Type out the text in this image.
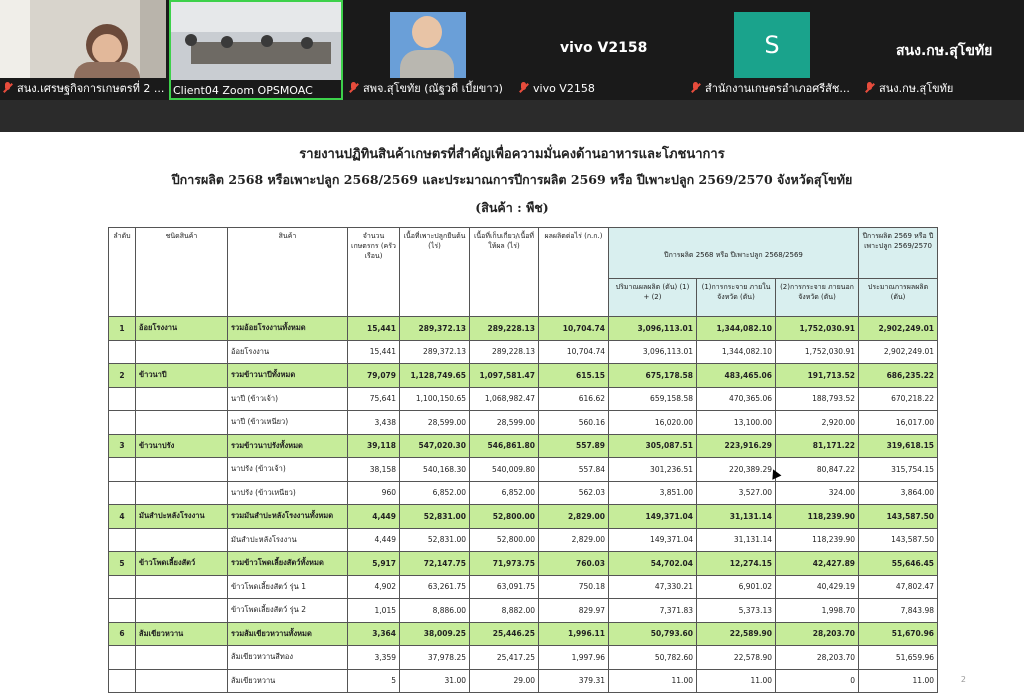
สนง.เศรษฐกิจการเกษตรที่ 2 ... Client04 Zoom OPSMOAC	สพจ.สุโขทัย (ณัฐวดี เบี้ยขาว)
vivo V2158
vivo V2158
S
สำนักงานเกษตรอำเภอศรีสัช...
สนง.กษ.สุโขทัย
สนง.กษ.สุโขทัย
รายงานปฏิทินสินค้าเกษตรที่สำคัญเพื่อความมั่นคงด้านอาหารและโภชนาการ
ปีการผลิต 2568 หรือเพาะปลูก 2568/2569 และประมาณการปีการผลิต 2569 หรือ ปีเพาะปลูก 2569/2570 จังหวัดสุโขทัย
(สินค้า : พืช)
ลำดับ	ชนิดสินค้า	สินค้า	จำนวนเกษตรกร (ครัวเรือน)	เนื้อที่เพาะปลูกยืนต้น (ไร่)	เนื้อที่เก็บเกี่ยว/เนื้อที่ให้ผล (ไร่)	ผลผลิตต่อไร่ (ก.ก.)	ปีการผลิต 2568 หรือ ปีเพาะปลูก 2568/2569			ปีการผลิต 2569 หรือ ปีเพาะปลูก 2569/2570
							ปริมาณผลผลิต (ตัน) (1) + (2)	(1)การกระจาย ภายในจังหวัด (ตัน)	(2)การกระจาย ภายนอกจังหวัด (ตัน)	ประมาณการผลผลิต (ตัน)
1	อ้อยโรงงาน	รวมอ้อยโรงงานทั้งหมด	15,441	289,372.13	289,228.13	10,704.74	3,096,113.01	1,344,082.10	1,752,030.91	2,902,249.01
		อ้อยโรงงาน	15,441	289,372.13	289,228.13	10,704.74	3,096,113.01	1,344,082.10	1,752,030.91	2,902,249.01
2	ข้าวนาปี	รวมข้าวนาปีทั้งหมด	79,079	1,128,749.65	1,097,581.47	615.15	675,178.58	483,465.06	191,713.52	686,235.22
		นาปี (ข้าวเจ้า)	75,641	1,100,150.65	1,068,982.47	616.62	659,158.58	470,365.06	188,793.52	670,218.22
		นาปี (ข้าวเหนียว)	3,438	28,599.00	28,599.00	560.16	16,020.00	13,100.00	2,920.00	16,017.00
3	ข้าวนาปรัง	รวมข้าวนาปรังทั้งหมด	39,118	547,020.30	546,861.80	557.89	305,087.51	223,916.29	81,171.22	319,618.15
		นาปรัง (ข้าวเจ้า)	38,158	540,168.30	540,009.80	557.84	301,236.51	220,389.29	80,847.22	315,754.15
		นาปรัง (ข้าวเหนียว)	960	6,852.00	6,852.00	562.03	3,851.00	3,527.00	324.00	3,864.00
4	มันสำปะหลังโรงงาน	รวมมันสำปะหลังโรงงานทั้งหมด	4,449	52,831.00	52,800.00	2,829.00	149,371.04	31,131.14	118,239.90	143,587.50
		มันสำปะหลังโรงงาน	4,449	52,831.00	52,800.00	2,829.00	149,371.04	31,131.14	118,239.90	143,587.50
5	ข้าวโพดเลี้ยงสัตว์	รวมข้าวโพดเลี้ยงสัตว์ทั้งหมด	5,917	72,147.75	71,973.75	760.03	54,702.04	12,274.15	42,427.89	55,646.45
		ข้าวโพดเลี้ยงสัตว์ รุ่น 1	4,902	63,261.75	63,091.75	750.18	47,330.21	6,901.02	40,429.19	47,802.47
		ข้าวโพดเลี้ยงสัตว์ รุ่น 2	1,015	8,886.00	8,882.00	829.97	7,371.83	5,373.13	1,998.70	7,843.98
6	ส้มเขียวหวาน	รวมส้มเขียวหวานทั้งหมด	3,364	38,009.25	25,446.25	1,996.11	50,793.60	22,589.90	28,203.70	51,670.96
		ส้มเขียวหวานสีทอง	3,359	37,978.25	25,417.25	1,997.96	50,782.60	22,578.90	28,203.70	51,659.96
		ส้มเขียวหวาน	5	31.00	29.00	379.31	11.00	11.00	0	11.00	2
